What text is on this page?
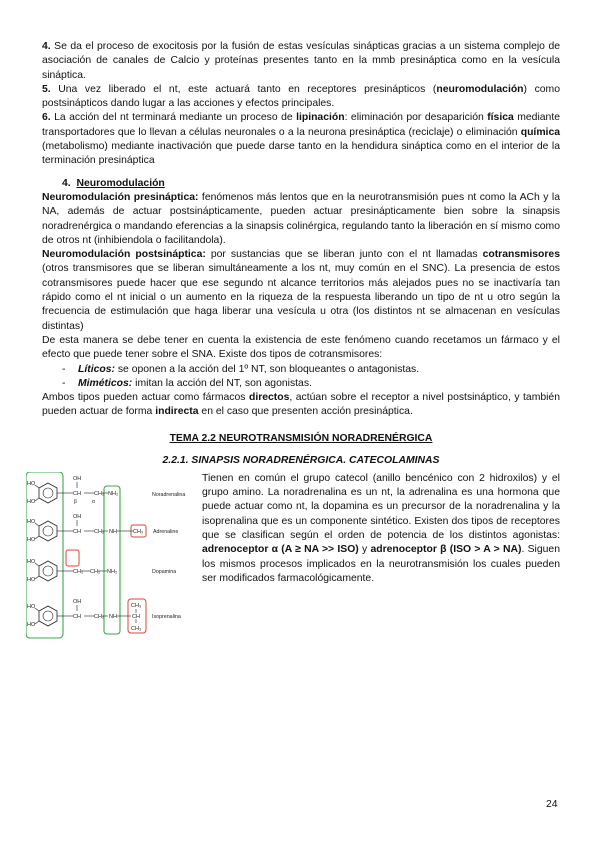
4. Se da el proceso de exocitosis por la fusión de estas vesículas sinápticas gracias a un sistema complejo de asociación de canales de Calcio y proteínas presentes tanto en la mmb presináptica como en la vesícula sináptica.

5. Una vez liberado el nt, este actuará tanto en receptores presinápticos (neuromodulación) como postsinápticos dando lugar a las acciones y efectos principales.

6. La acción del nt terminará mediante un proceso de lipinación: eliminación por desaparición física mediante transportadores que lo llevan a células neuronales o a la neurona presináptica (reciclaje) o eliminación química (metabolismo) mediante inactivación que puede darse tanto en la hendidura sináptica como en el interior de la terminación presináptica

4. Neuromodulación

Neuromodulación presináptica: fenómenos más lentos que en la neurotransmisión pues nt como la ACh y la NA, además de actuar postsinápticamente, pueden actuar presinápticamente bien sobre la sinapsis noradrenérgica o mandando eferencias a la sinapsis colinérgica, regulando tanto la liberación en sí mismo como de otros nt (inhibiendola o facilitandola).

Neuromodulación postsináptica: por sustancias que se liberan junto con el nt llamadas cotransmisores (otros transmisores que se liberan simultáneamente a los nt, muy común en el SNC). La presencia de estos cotransmisores puede hacer que ese segundo nt alcance territorios más alejados pues no se inactivaría tan rápido como el nt inicial o un aumento en la riqueza de la respuesta liberando un tipo de nt u otro según la frecuencia de estimulación que haga liberar una vesícula u otra (los distintos nt se almacenan en vesículas distintas)

De esta manera se debe tener en cuenta la existencia de este fenómeno cuando recetamos un fármaco y el efecto que puede tener sobre el SNA. Existe dos tipos de cotransmisores:

- Líticos: se oponen a la acción del 1º NT, son bloqueantes o antagonistas.
- Miméticos: imitan la acción del NT, son agonistas.

Ambos tipos pueden actuar como fármacos directos, actúan sobre el receptor a nivel postsináptico, y también pueden actuar de forma indirecta en el caso que presenten acción presináptica.

TEMA 2.2 NEUROTRANSMISIÓN NORADRENÉRGICA
2.2.1. SINAPSIS NORADRENÉRGICA. CATECOLAMINAS
HO
HO
OH
CH CH₂ NH₂
β	α
Noradrenalina
HO
HO
OH
CH CH₂ NH	CH₃ Adrenaline
HO
HO
CH₂ CH₂ NH₂	Dopamina
HO
HO
OH
CH CH₂ NH
CH₃
CH
CH₃
Isoprenalina

Tienen en común el grupo catecol (anillo bencénico con 2 hidroxilos) y el grupo amino. La noradrenalina es un nt, la adrenalina es una hormona que puede actuar como nt, la dopamina es un precursor de la noradrenalina y la isoprenalina que es un componente sintético. Existen dos tipos de receptores que se clasifican según el orden de potencia de los distintos agonistas: adrenoceptor α (A ≥ NA >> ISO) y adrenoceptor β (ISO > A > NA). Siguen los mismos procesos implicados en la neurotransmisión los cuales pueden ser modificados farmacológicamente.

24
